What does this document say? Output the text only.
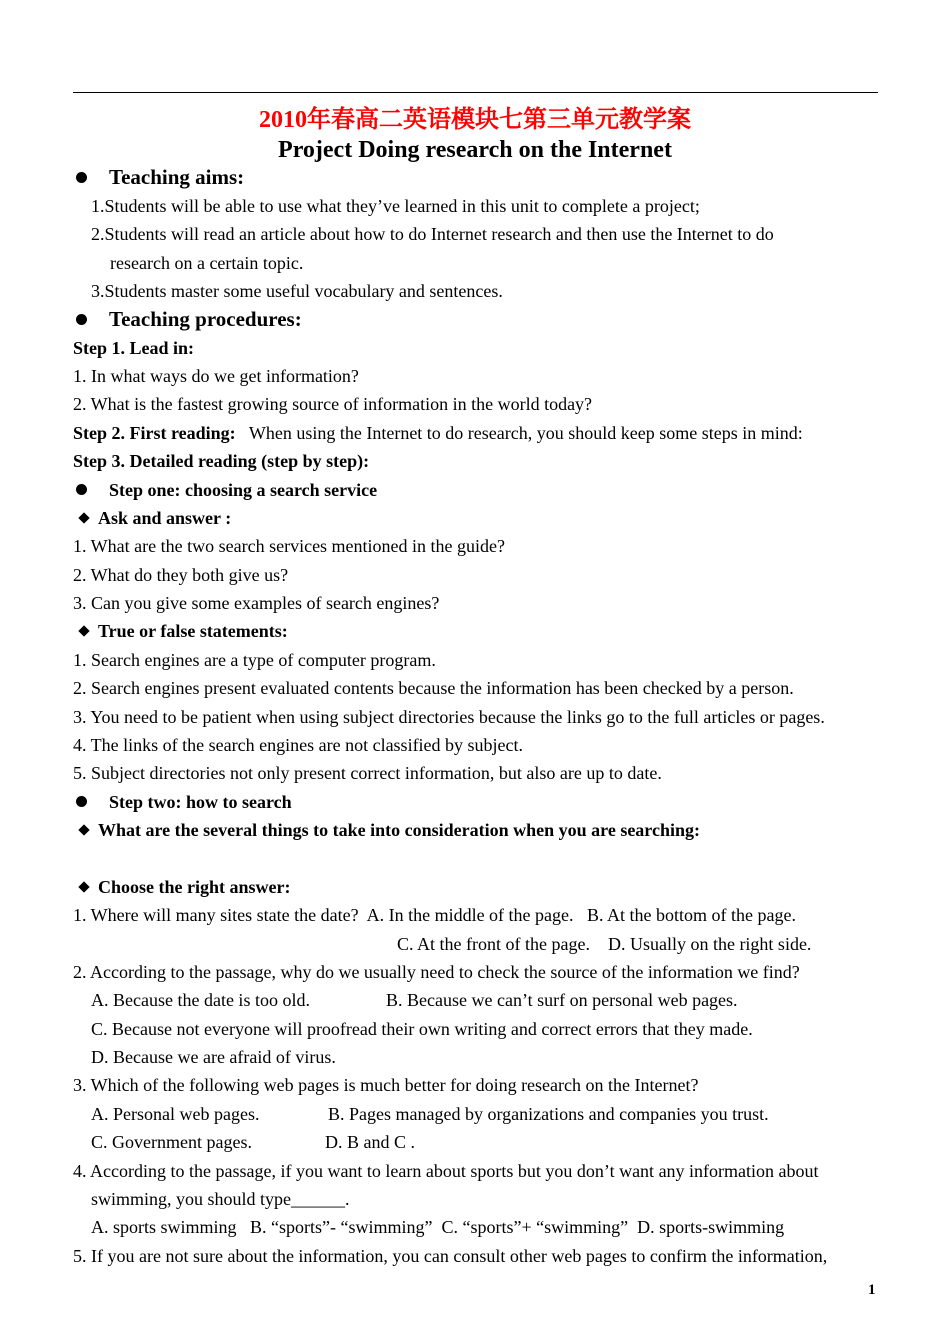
2010年春高二英语模块七第三单元教学案
Project Doing research on the Internet
Teaching aims:
1.Students will be able to use what they’ve learned in this unit to complete a project;
2.Students will read an article about how to do Internet research and then use the Internet to do
research on a certain topic.
3.Students master some useful vocabulary and sentences.
Teaching procedures:
Step 1. Lead in:
1. In what ways do we get information?
2. What is the fastest growing source of information in the world today?
Step 2. First reading: When using the Internet to do research, you should keep some steps in mind:
Step 3. Detailed reading (step by step):
Step one: choosing a search service
Ask and answer :
1. What are the two search services mentioned in the guide?
2. What do they both give us?
3. Can you give some examples of search engines?
True or false statements:
1. Search engines are a type of computer program.
2. Search engines present evaluated contents because the information has been checked by a person.
3. You need to be patient when using subject directories because the links go to the full articles or pages.
4. The links of the search engines are not classified by subject.
5. Subject directories not only present correct information, but also are up to date.
Step two: how to search
What are the several things to take into consideration when you are searching:
Choose the right answer:
1. Where will many sites state the date?  A. In the middle of the page.   B. At the bottom of the page.
C. At the front of the page.    D. Usually on the right side.
2. According to the passage, why do we usually need to check the source of the information we find?
A. Because the date is too old.	B. Because we can’t surf on personal web pages.
C. Because not everyone will proofread their own writing and correct errors that they made.
D. Because we are afraid of virus.
3. Which of the following web pages is much better for doing research on the Internet?
A. Personal web pages.	B. Pages managed by organizations and companies you trust.
C. Government pages.	D. B and C .
4. According to the passage, if you want to learn about sports but you don’t want any information about
swimming, you should type______.
A. sports swimming   B. “sports”- “swimming”  C. “sports”+ “swimming”  D. sports-swimming
5. If you are not sure about the information, you can consult other web pages to confirm the information,
1
